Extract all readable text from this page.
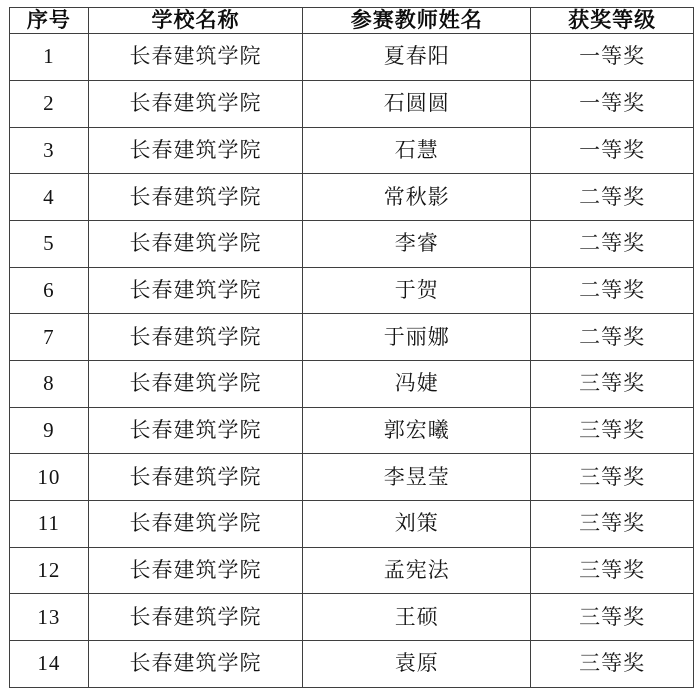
序号	学校名称	参赛教师姓名	获奖等级
1	长春建筑学院	夏春阳	一等奖
2	长春建筑学院	石圆圆	一等奖
3	长春建筑学院	石慧	一等奖
4	长春建筑学院	常秋影	二等奖
5	长春建筑学院	李睿	二等奖
6	长春建筑学院	于贺	二等奖
7	长春建筑学院	于丽娜	二等奖
8	长春建筑学院	冯婕	三等奖
9	长春建筑学院	郭宏曦	三等奖
10	长春建筑学院	李昱莹	三等奖
11	长春建筑学院	刘策	三等奖
12	长春建筑学院	孟宪法	三等奖
13	长春建筑学院	王硕	三等奖
14	长春建筑学院	袁原	三等奖
